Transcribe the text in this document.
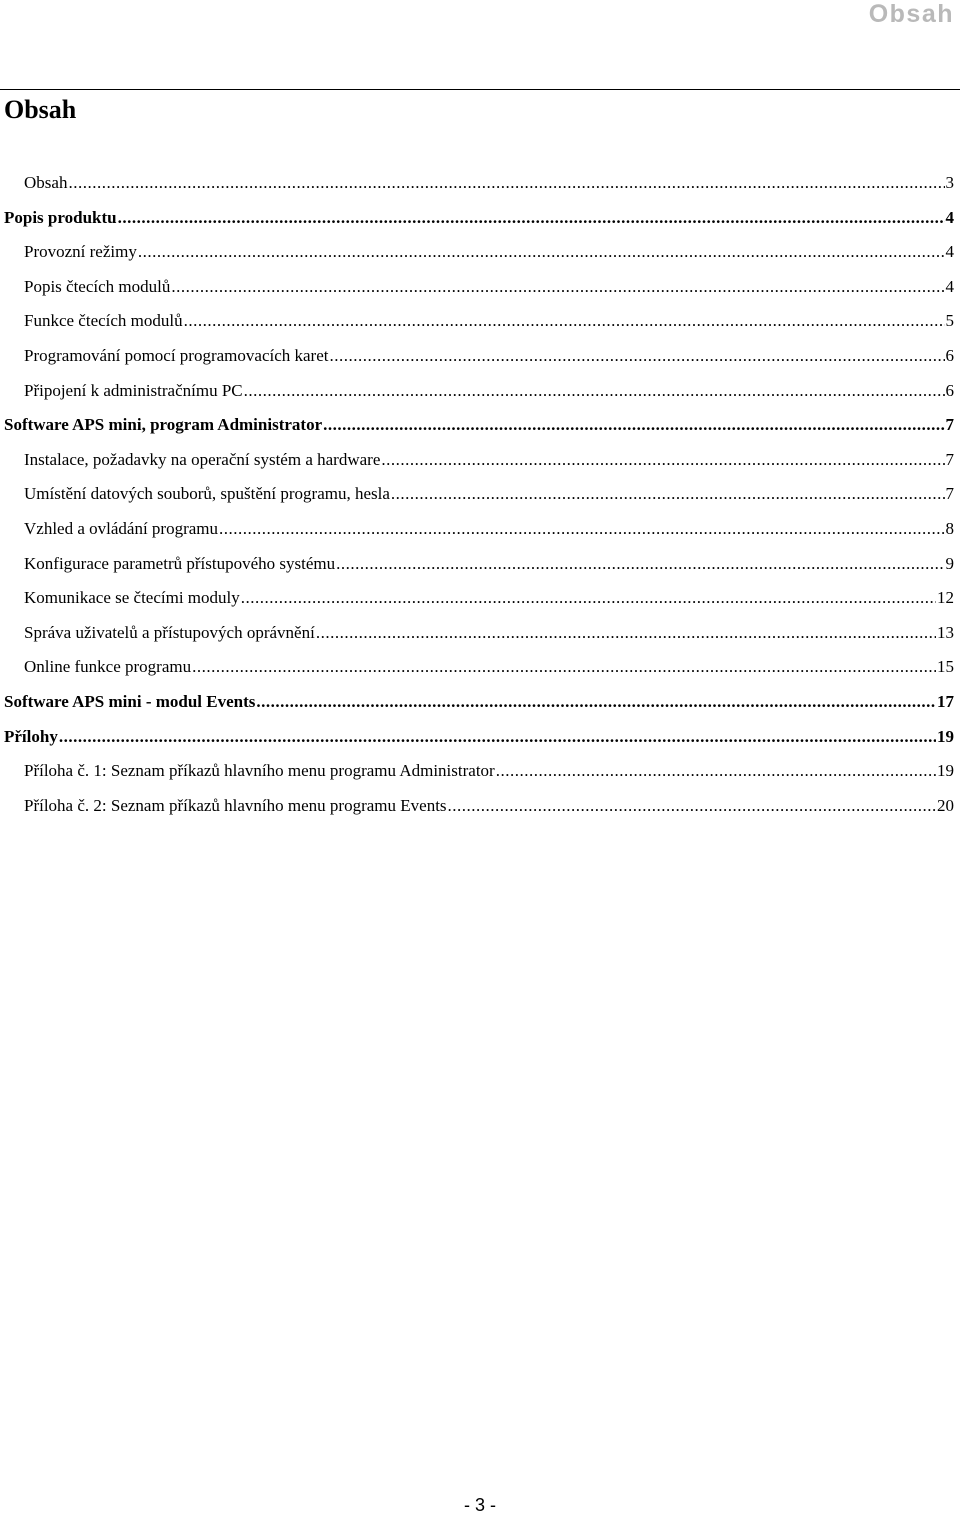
Obsah
Obsah
Obsah .....	3
Popis produktu .....	4
Provozní režimy .....	4
Popis čtecích modulů .....	4
Funkce čtecích modulů .....	5
Programování pomocí programovacích karet .....	6
Připojení k administračnímu PC .....	6
Software APS mini, program Administrator .....	7
Instalace, požadavky na operační systém a hardware .....	7
Umístění datových souborů, spuštění programu, hesla .....	7
Vzhled a ovládání programu .....	8
Konfigurace parametrů přístupového systému .....	9
Komunikace se čtecími moduly .....	12
Správa uživatelů a přístupových oprávnění .....	13
Online funkce programu .....	15
Software APS mini - modul Events .....	17
Přílohy .....	19
Příloha č. 1: Seznam příkazů hlavního menu programu Administrator .....	19
Příloha č. 2: Seznam příkazů hlavního menu programu Events .....	20
- 3 -
